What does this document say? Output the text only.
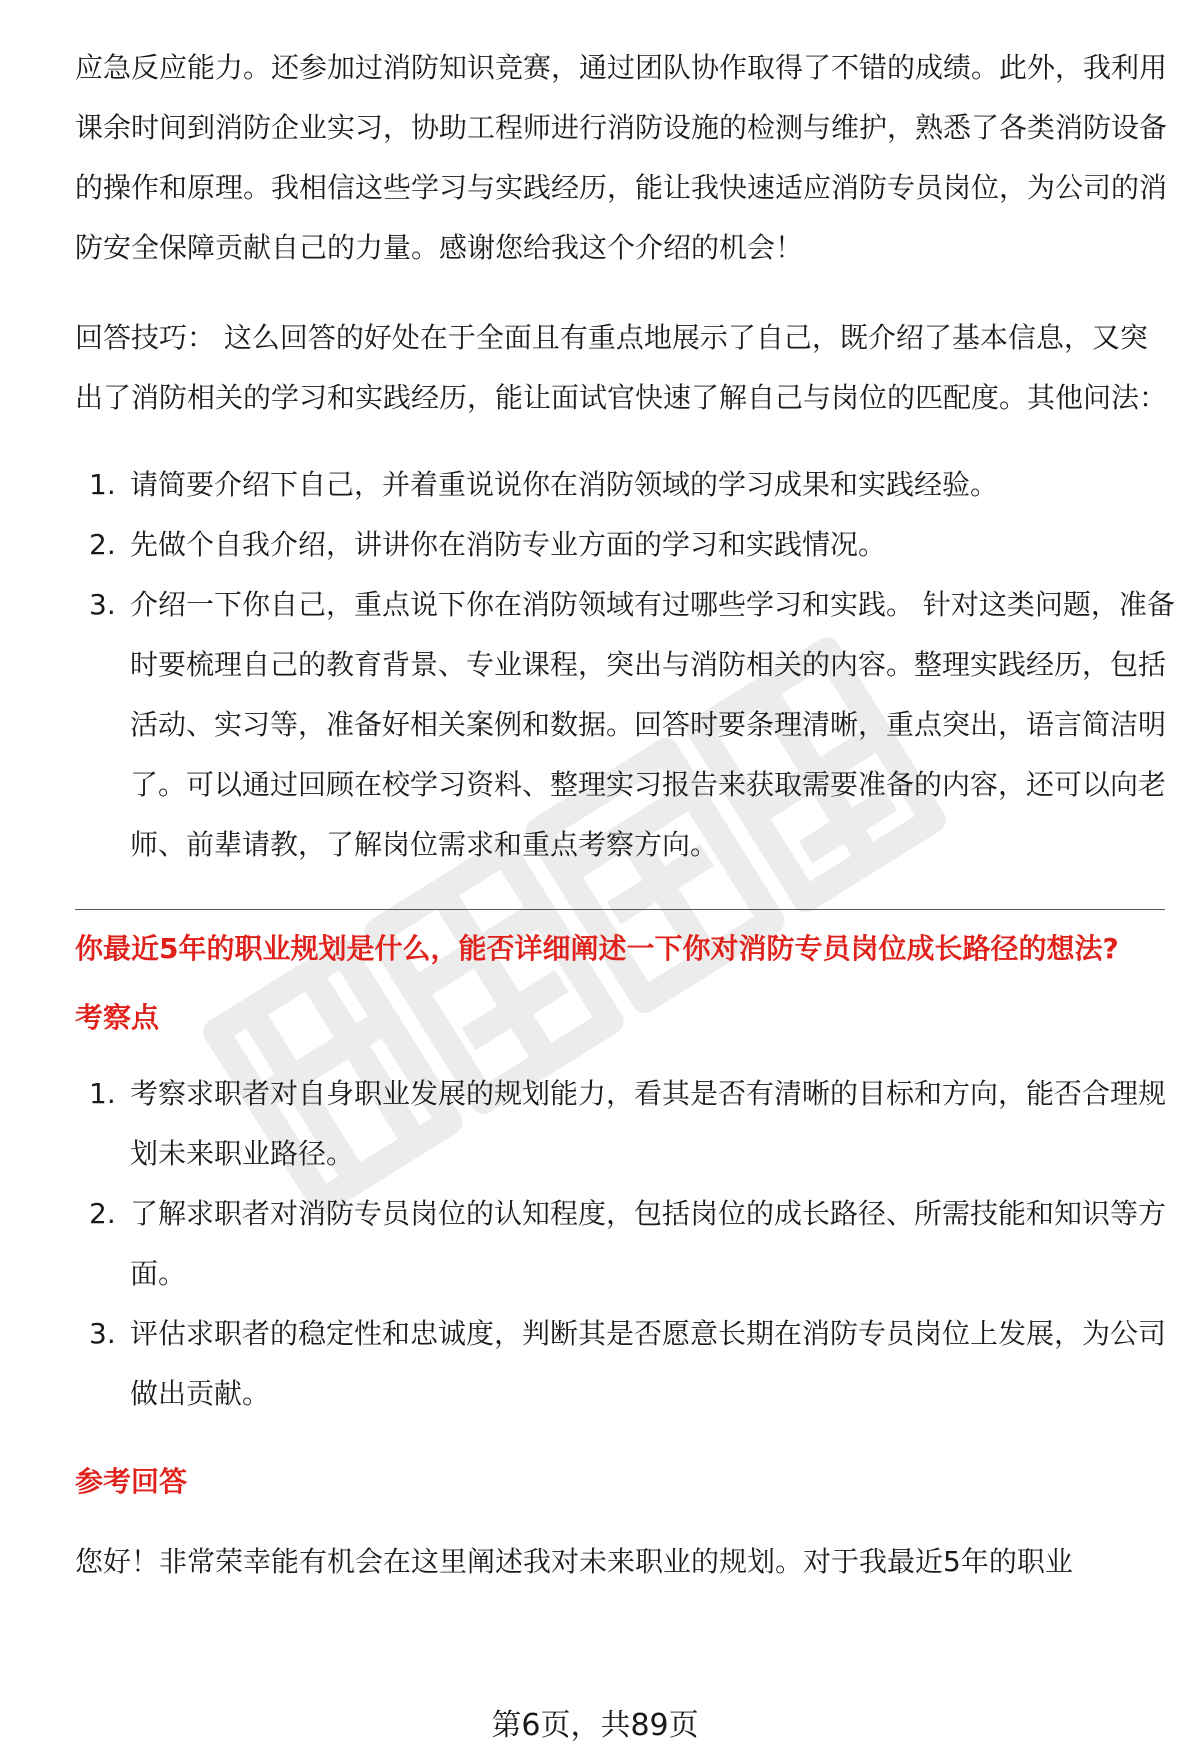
应急反应能力。还参加过消防知识竞赛，通过团队协作取得了不错的成绩。此外，我利用课余时间到消防企业实习，协助工程师进行消防设施的检测与维护，熟悉了各类消防设备的操作和原理。我相信这些学习与实践经历，能让我快速适应消防专员岗位，为公司的消防安全保障贡献自己的力量。感谢您给我这个介绍的机会！

回答技巧： 这么回答的好处在于全面且有重点地展示了自己，既介绍了基本信息，又突出了消防相关的学习和实践经历，能让面试官快速了解自己与岗位的匹配度。其他问法：

1. 请简要介绍下自己，并着重说说你在消防领域的学习成果和实践经验。
2. 先做个自我介绍，讲讲你在消防专业方面的学习和实践情况。
3. 介绍一下你自己，重点说下你在消防领域有过哪些学习和实践。 针对这类问题，准备时要梳理自己的教育背景、专业课程，突出与消防相关的内容。整理实践经历，包括活动、实习等，准备好相关案例和数据。回答时要条理清晰，重点突出，语言简洁明了。可以通过回顾在校学习资料、整理实习报告来获取需要准备的内容，还可以向老师、前辈请教，了解岗位需求和重点考察方向。
你最近5年的职业规划是什么，能否详细阐述一下你对消防专员岗位成长路径的想法?
考察点
1. 考察求职者对自身职业发展的规划能力，看其是否有清晰的目标和方向，能否合理规划未来职业路径。
2. 了解求职者对消防专员岗位的认知程度，包括岗位的成长路径、所需技能和知识等方面。
3. 评估求职者的稳定性和忠诚度，判断其是否愿意长期在消防专员岗位上发展，为公司做出贡献。
参考回答

您好！非常荣幸能有机会在这里阐述我对未来职业的规划。对于我最近5年的职业

第6页，共89页
